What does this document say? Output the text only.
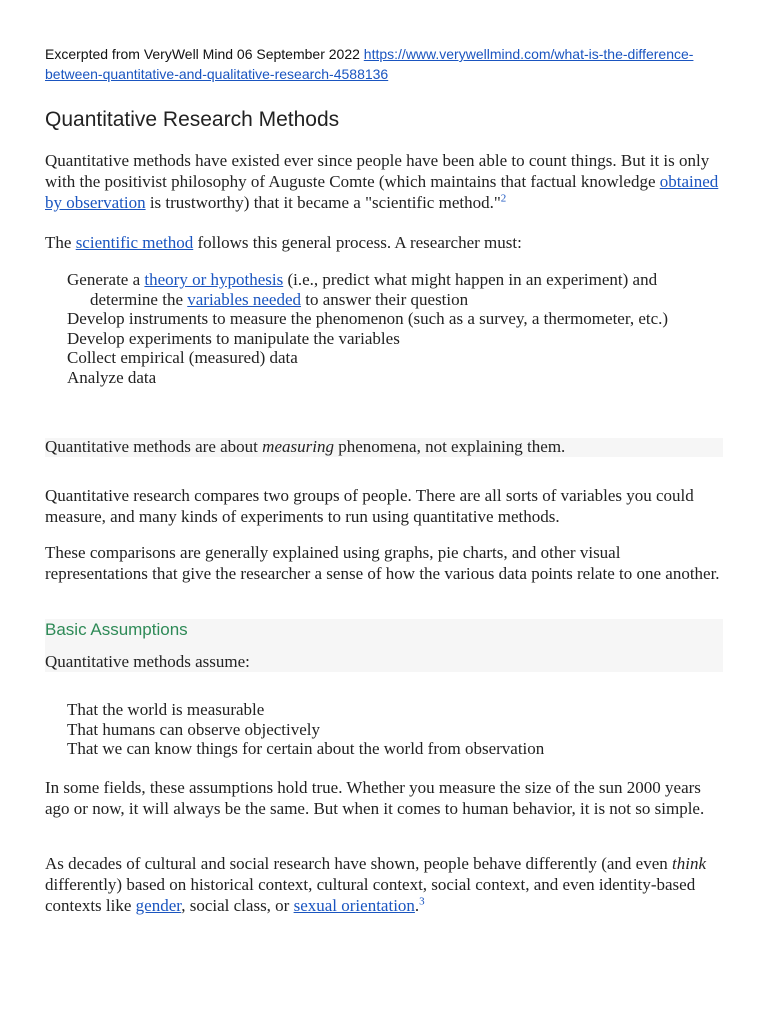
Excerpted from VeryWell Mind 06 September 2022 https://www.verywellmind.com/what-is-the-difference-between-quantitative-and-qualitative-research-4588136
Quantitative Research Methods

Quantitative methods have existed ever since people have been able to count things. But it is only with the positivist philosophy of Auguste Comte (which maintains that factual knowledge obtained by observation is trustworthy) that it became a "scientific method."$^2$

The scientific method follows this general process. A researcher must:

Generate a theory or hypothesis (i.e., predict what might happen in an experiment) and determine the variables needed to answer their question
Develop instruments to measure the phenomenon (such as a survey, a thermometer, etc.)
Develop experiments to manipulate the variables
Collect empirical (measured) data
Analyze data

Quantitative methods are about measuring phenomena, not explaining them.

Quantitative research compares two groups of people. There are all sorts of variables you could measure, and many kinds of experiments to run using quantitative methods.

These comparisons are generally explained using graphs, pie charts, and other visual representations that give the researcher a sense of how the various data points relate to one another.

Basic Assumptions

Quantitative methods assume:

That the world is measurable
That humans can observe objectively
That we can know things for certain about the world from observation

In some fields, these assumptions hold true. Whether you measure the size of the sun 2000 years ago or now, it will always be the same. But when it comes to human behavior, it is not so simple.

As decades of cultural and social research have shown, people behave differently (and even think differently) based on historical context, cultural context, social context, and even identity-based contexts like gender, social class, or sexual orientation.$^3$
